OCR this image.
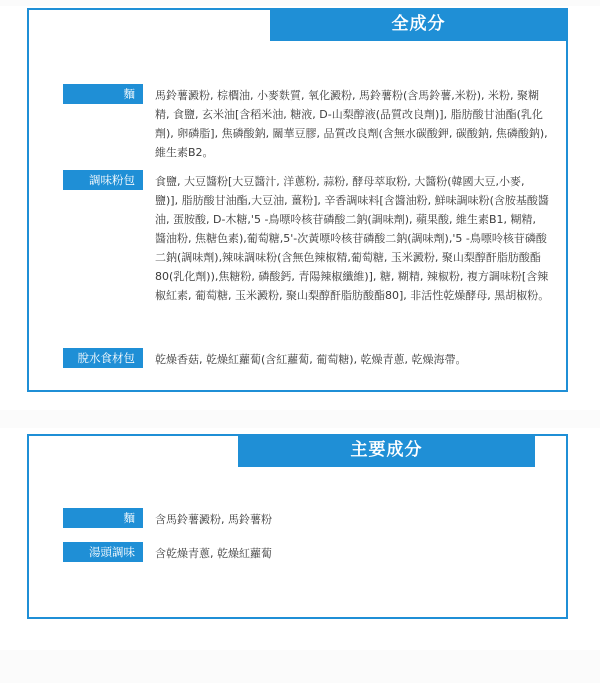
全成分
麵	馬鈴薯澱粉, 棕櫚油, 小麥麩質, 氧化澱粉, 馬鈴薯粉(含馬鈴薯,米粉), 米粉, 聚糊精, 食鹽, 玄米油[含稻米油, 糖液, D-山梨醇液(品質改良劑)], 脂肪酸甘油酯(乳化劑), 卵磷脂], 焦磷酸鈉, 關華豆膠, 品質改良劑(含無水碳酸鉀, 碳酸鈉, 焦磷酸鈉), 維生素B2。
調味粉包	食鹽, 大豆醬粉[大豆醬汁, 洋蔥粉, 蒜粉, 酵母萃取粉, 大醬粉(韓國大豆,小麥, 鹽)], 脂肪酸甘油酯,大豆油, 薑粉], 辛香調味料[含醬油粉, 鮮味調味粉(含胺基酸醬油, 蛋胺酸, D-木糖,'5 -鳥嘌呤核苷磷酸二鈉(調味劑), 蘋果酸, 維生素B1, 糊精, 醬油粉, 焦糖色素),葡萄糖,5'-次黃嘌呤核苷磷酸二鈉(調味劑),'5 -鳥嘌呤核苷磷酸二鈉(調味劑),辣味調味粉(含無色辣椒精,葡萄糖, 玉米澱粉, 聚山梨醇酐脂肪酸酯80(乳化劑)),焦糖粉, 磷酸鈣, 青陽辣椒纖維)], 糖, 糊精, 辣椒粉, 複方調味粉[含辣椒紅素, 葡萄糖, 玉米澱粉, 聚山梨醇酐脂肪酸酯80], 非活性乾燥酵母, 黑胡椒粉。
脫水食材包	乾燥香菇, 乾燥紅蘿蔔(含紅蘿蔔, 葡萄糖), 乾燥青蔥, 乾燥海帶。
主要成分
麵	含馬鈴薯澱粉, 馬鈴薯粉
湯頭調味	含乾燥青蔥, 乾燥紅蘿蔔
